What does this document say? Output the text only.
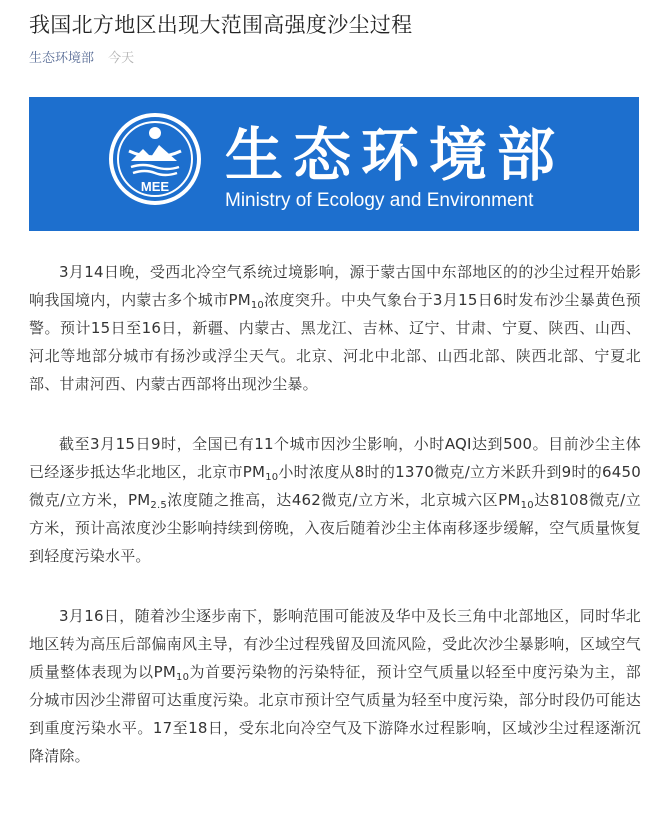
我国北方地区出现大范围高强度沙尘过程
生态环境部 今天
MEE 生态环境部
Ministry of Ecology and Environment

3月14日晚，受西北冷空气系统过境影响，源于蒙古国中东部地区的的沙尘过程开始影响我国境内，内蒙古多个城市$PM_{10}$浓度突升。中央气象台于3月15日6时发布沙尘暴黄色预警。预计15日至16日，新疆、内蒙古、黑龙江、吉林、辽宁、甘肃、宁夏、陕西、山西、河北等地部分城市有扬沙或浮尘天气。北京、河北中北部、山西北部、陕西北部、宁夏北部、甘肃河西、内蒙古西部将出现沙尘暴。

截至3月15日9时，全国已有11个城市因沙尘影响，小时AQI达到500。目前沙尘主体已经逐步抵达华北地区，北京市$PM_{10}$小时浓度从8时的1370微克/立方米跃升到9时的6450微克/立方米，$PM_{2.5}$浓度随之推高，达462微克/立方米，北京城六区$PM_{10}$达8108微克/立方米，预计高浓度沙尘影响持续到傍晚，入夜后随着沙尘主体南移逐步缓解，空气质量恢复到轻度污染水平。

3月16日，随着沙尘逐步南下，影响范围可能波及华中及长三角中北部地区，同时华北地区转为高压后部偏南风主导，有沙尘过程残留及回流风险，受此次沙尘暴影响，区域空气质量整体表现为以$PM_{10}$为首要污染物的污染特征，预计空气质量以轻至中度污染为主，部分城市因沙尘滞留可达重度污染。北京市预计空气质量为轻至中度污染，部分时段仍可能达到重度污染水平。17至18日，受东北向冷空气及下游降水过程影响，区域沙尘过程逐渐沉降清除。
